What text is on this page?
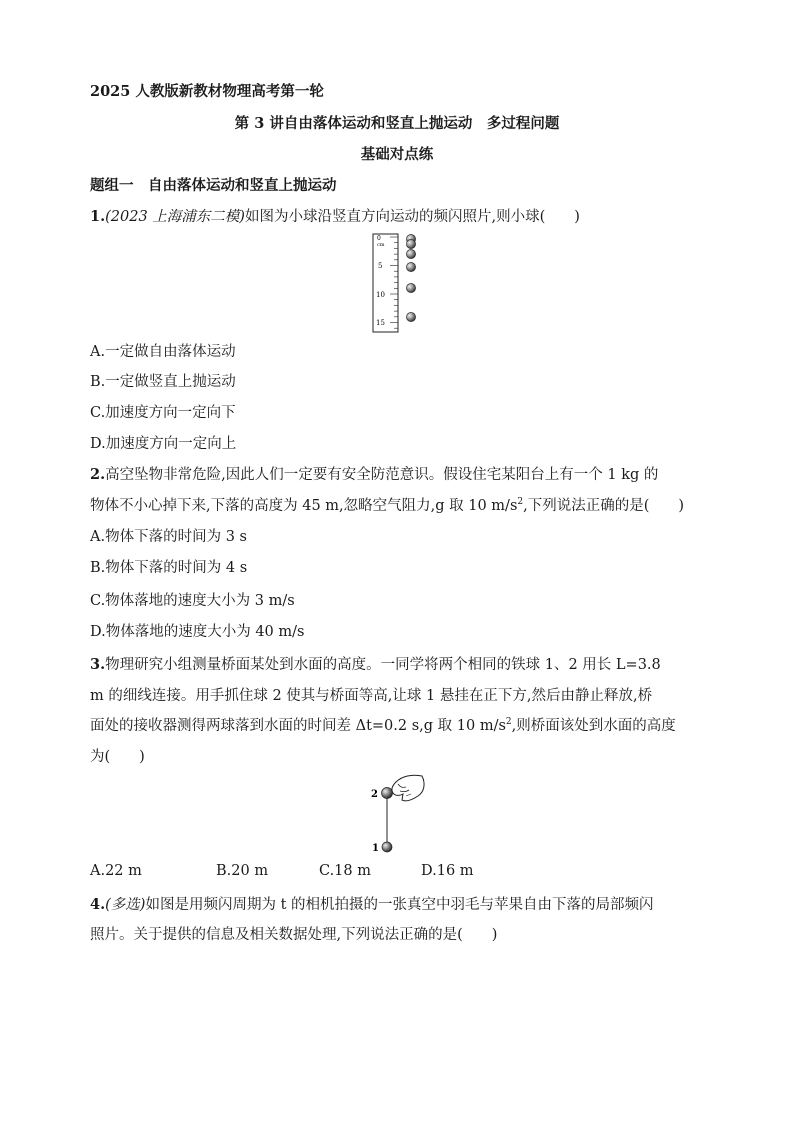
2025 人教版新教材物理高考第一轮
第 3 讲自由落体运动和竖直上抛运动　多过程问题
基础对点练
题组一　自由落体运动和竖直上抛运动
1.(2023 上海浦东二模)如图为小球沿竖直方向运动的频闪照片,则小球(　　)
0
cm
5
10
15
A.一定做自由落体运动
B.一定做竖直上抛运动
C.加速度方向一定向下
D.加速度方向一定向上
2.高空坠物非常危险,因此人们一定要有安全防范意识。假设住宅某阳台上有一个 1 kg 的
物体不小心掉下来,下落的高度为 45 m,忽略空气阻力,g 取 10 $m/s^2$,下列说法正确的是(　　)
A.物体下落的时间为 3 s
B.物体下落的时间为 4 s
C.物体落地的速度大小为 3 m/s
D.物体落地的速度大小为 40 m/s
3.物理研究小组测量桥面某处到水面的高度。一同学将两个相同的铁球 1、2 用长 L=3.8
m 的细线连接。用手抓住球 2 使其与桥面等高,让球 1 悬挂在正下方,然后由静止释放,桥
面处的接收器测得两球落到水面的时间差 Δt=0.2 s,g 取 10 $m/s^2$,则桥面该处到水面的高度
为(　　)
2
1
A.22 m	B.20 m	C.18 m	D.16 m
4.(多选)如图是用频闪周期为 t 的相机拍摄的一张真空中羽毛与苹果自由下落的局部频闪
照片。关于提供的信息及相关数据处理,下列说法正确的是(　　)
